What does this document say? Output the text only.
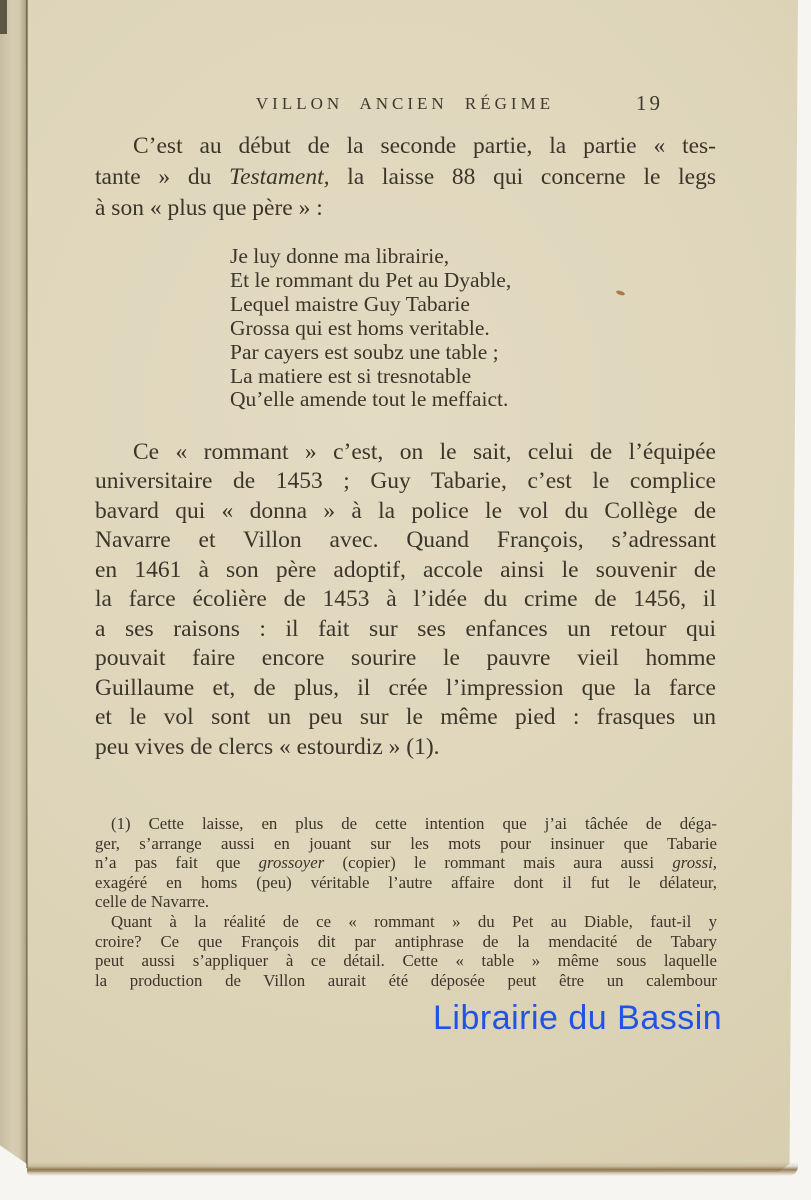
VILLON ANCIEN RÉGIME	19
C’est au début de la seconde partie, la partie « tes-
tante » du Testament, la laisse 88 qui concerne le legs
à son « plus que père » :
Je luy donne ma librairie,
Et le rommant du Pet au Dyable,
Lequel maistre Guy Tabarie
Grossa qui est homs veritable.
Par cayers est soubz une table ;
La matiere est si tresnotable
Qu’elle amende tout le meffaict.
Ce « rommant » c’est, on le sait, celui de l’équipée
universitaire de 1453 ; Guy Tabarie, c’est le complice
bavard qui « donna » à la police le vol du Collège de
Navarre et Villon avec. Quand François, s’adressant
en 1461 à son père adoptif, accole ainsi le souvenir de
la farce écolière de 1453 à l’idée du crime de 1456, il
a ses raisons : il fait sur ses enfances un retour qui
pouvait faire encore sourire le pauvre vieil homme
Guillaume et, de plus, il crée l’impression que la farce
et le vol sont un peu sur le même pied : frasques un
peu vives de clercs « estourdiz » (1).
(1) Cette laisse, en plus de cette intention que j’ai tâchée de déga-
ger, s’arrange aussi en jouant sur les mots pour insinuer que Tabarie
n’a pas fait que grossoyer (copier) le rommant mais aura aussi grossi,
exagéré en homs (peu) véritable l’autre affaire dont il fut le délateur,
celle de Navarre.
Quant à la réalité de ce « rommant » du Pet au Diable, faut-il y
croire? Ce que François dit par antiphrase de la mendacité de Tabary
peut aussi s’appliquer à ce détail. Cette « table » même sous laquelle
la production de Villon aurait été déposée peut être un calembour
Librairie du Bassin
